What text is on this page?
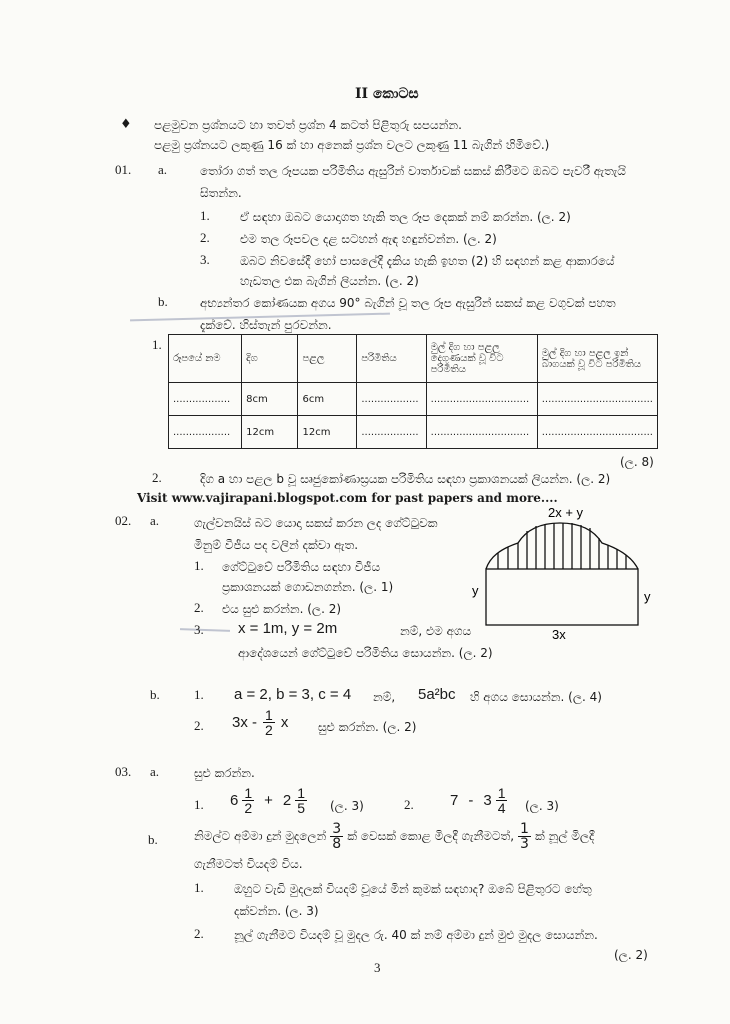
II කොටස
♦ පළමුවන ප්‍රශ්නයට හා තවත් ප්‍රශ්න 4 කටත් පිළිතුරු සපයන්න.
පළමු ප්‍රශ්නයට ලකුණු 16 ක් හා අනෙක් ප්‍රශ්න වලට ලකුණු 11 බැගින් හිමිවේ.)
01. a.	තෝරා ගත් තල රූපයක පරිමිතිය ඇසුරින් වාර්තාවක් සකස් කිරීමට ඔබට පැවරී ඇතැයි
සිතන්න.
1.	ඒ සඳහා ඔබට යොදාගත හැකි තල රූප දෙකක් නම් කරන්න. (ල. 2)
2.	එම තල රූපවල දළ සටහන් ඇඳ හඳුන්වන්න. (ල. 2)
3.	ඔබට නිවසේදී හෝ පාසලේදී දැකිය හැකි ඉහත (2) හි සඳහන් කළ ආකාරයේ
හැඩතල එක බැගින් ලියන්න. (ල. 2)
b.	අභ්‍යන්තර කෝණයක අගය 90° බැගින් වූ තල රූප ඇසුරින් සකස් කළ වගුවක් පහත
දැක්වේ. හිස්තැන් පුරවන්න.
1.
රූපයේ නම	දිග	පළල	පරිමිතිය	මුල් දිග හා පළල දෙගුණයක් වූ විට පරිමිතිය	මුල් දිග හා පළල ඉන් බාගයක් වූ විට පරිමිතිය
..................	8cm	6cm	..................	...............................	...................................
..................	12cm	12cm	..................	...............................	...................................
(ල. 8)
2.	දිග a හා පළල b වූ සෘජුකෝණාස්‍රයක පරිමිතිය සඳහා ප්‍රකාශනයක් ලියන්න. (ල. 2)
Visit www.vajirapani.blogspot.com for past papers and more....
02. a.	ගැල්වනයිස් බට යොදා සකස් කරන ලද ගේට්ටුවක
මිනුම් වීජීය පද වලින් දක්වා ඇත.
1. ගේට්ටුවේ පරිමිතිය සඳහා වීජීය
ප්‍රකාශනයක් ගොඩනගන්න. (ල. 1)
2. එය සුළු කරන්න. (ල. 2)
3. x = 1m, y = 2m	නම්, එම අගය
ආදේශයෙන් ගේට්ටුවේ පරිමිතිය සොයන්න. (ල. 2)
2x + y
y	y
3x
b.	1. a = 2, b = 3, c = 4 නම්, 5a²bc හි අගය සොයන්න. (ල. 4)
2. $3x - \frac{1}{2}$ x සුළු කරන්න. (ල. 2)
03. a.	සුළු කරන්න.
1. $6 \frac{1}{2} + 2 \frac{1}{5}$ (ල. 3)	2. $7 - 3 \frac{1}{4}$ (ල. 3)
b.	නිමල්ට අම්මා දුන් මුදලෙන් $\frac{3}{8}$ ක් වෙසක් කොළ මිලදී ගැනීමටත්, $\frac{1}{3}$ ක් නූල් මිලදී
ගැනීමටත් වියදම් විය.
1.	ඔහුට වැඩි මුදලක් වියදම් වූයේ මින් කුමක් සඳහාද? ඔබේ පිළිතුරට හේතු
දක්වන්න. (ල. 3)
2.	නූල් ගැනීමට වියදම් වූ මුදල රු. 40 ක් නම් අම්මා දුන් මුළු මුදල සොයන්න.
(ල. 2)
3
